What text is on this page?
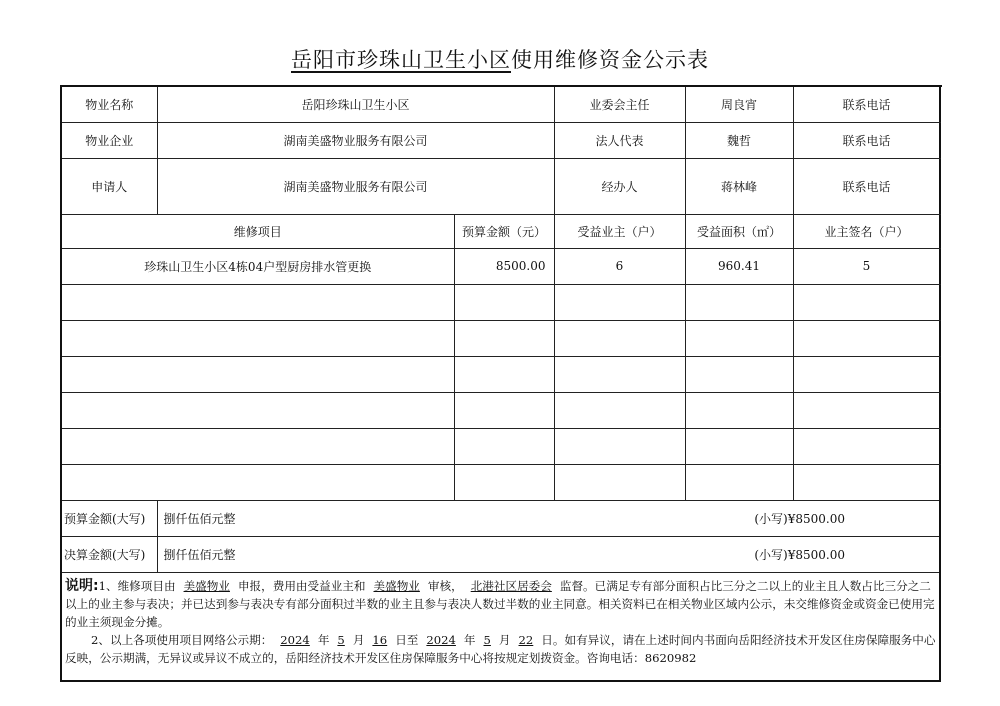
岳阳市珍珠山卫生小区使用维修资金公示表
物业名称	岳阳珍珠山卫生小区		业委会主任	周良宵	联系电话	
物业企业	湖南美盛物业服务有限公司		法人代表	魏哲	联系电话	
申请人	湖南美盛物业服务有限公司		经办人	蒋林峰	联系电话	
维修项目		预算金额（元）	受益业主（户）	受益面积（㎡）	业主签名（户）	
珍珠山卫生小区4栋04户型厨房排水管更换		8500.00	6	960.41	5	

预算金额(大写)	捌仟伍佰元整 (小写)¥8500.00					

决算金额(大写)	捌仟伍佰元整 (小写)¥8500.00					

说明:1、维修项目由 美盛物业 申报，费用由受益业主和 美盛物业 审核， 北港社区居委会 监督。已满足专有部分面积占比三分之二以上的业主且人数占比三分之二以上的业主参与表决；并已达到参与表决专有部分面积过半数的业主且参与表决人数过半数的业主同意。相关资料已在相关物业区域内公示，未交维修资金或资金已使用完的业主须现金分摊。
2、以上各项使用项目网络公示期： 2024 年 5 月 16 日至 2024 年 5 月 22 日。如有异议，请在上述时间内书面向岳阳经济技术开发区住房保障服务中心反映，公示期满，无异议或异议不成立的，岳阳经济技术开发区住房保障服务中心将按规定划拨资金。咨询电话：8620982						
